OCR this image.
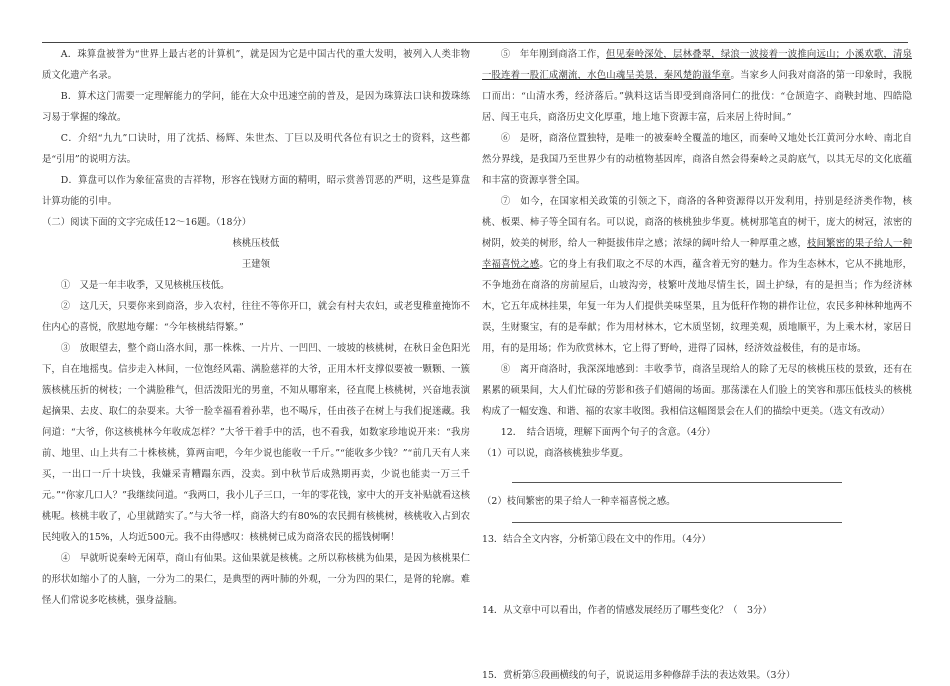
A．珠算盘被誉为“世界上最古老的计算机”，就是因为它是中国古代的重大发明，被列入人类非物质文化遗产名录。

B．算术这门需要一定理解能力的学问，能在大众中迅速空前的普及，是因为珠算法口诀和拨珠练习易于掌握的缘故。

C．介绍“九九”口诀时，用了沈括、杨辉、朱世杰、丁巨以及明代各位有识之士的资料，这些都是“引用”的说明方法。

D．算盘可以作为象征富贵的吉祥物，形容在钱财方面的精明，昭示赏善罚恶的严明，这些是算盘计算功能的引申。

（二）阅读下面的文字完成任12～16题。（18分）

核桃压枝低

王建领

①　又是一年丰收季，又见核桃压枝低。

②　这几天，只要你来到商洛，步入农村，往往不等你开口，就会有村夫农妇，或老叟稚童掩饰不住内心的喜悦，欣慰地夸耀：“今年核桃结得繁。”

③　放眼望去，整个商山洛水间，那一株株、一片片、一凹凹、一坡坡的核桃树，在秋日金色阳光下，自在地摇曳。信步走入林间，一位饱经风霜、满脸慈祥的大爷，正用木杆支撑似要被一颗颗、一簇簇核桃压折的树枝；一个满脸稚气，但活泼阳光的男童，不知从哪窜来，径直爬上核桃树，兴奋地表演起摘果、去皮、取仁的杂耍来。大爷一脸幸福看着孙辈，也不喝斥，任由孩子在树上与我们捉迷藏。我问道：“大爷，你这核桃林今年收成怎样？”大爷干着手中的活，也不看我，如数家珍地说开来：“我房前、地里、山上共有二十株核桃，算两亩吧，今年少说也能收一千斤。”“能收多少钱？”“前几天有人来买，一出口一斤十块钱，我嫌采青糟蹋东西，没卖。到中秋节后成熟期再卖，少说也能卖一万三千元。”“你家几口人？”我继续问道。“我两口，我小儿子三口，一年的零花钱，家中大的开支补贴就看这核桃呢。核桃丰收了，心里就踏实了。”与大爷一样，商洛大约有80%的农民拥有核桃树，核桃收入占到农民纯收入的15%，人均近500元。我不由得感叹：核桃树已成为商洛农民的摇钱树啊！

④　早就听说秦岭无闲草，商山有仙果。这仙果就是核桃。之所以称核桃为仙果，是因为核桃果仁的形状如缩小了的人脑，一分为二的果仁，是典型的两叶肺的外观，一分为四的果仁，是肾的轮廓。难怪人们常说多吃核桃，强身益脑。

⑤　年年刚到商洛工作，但见秦岭深处，层林叠翠，绿浪一波接着一波推向远山；小溪欢歌，清泉一股连着一股汇成潮流，水色山魂呈美景，秦风楚韵溢华章。当家乡人问我对商洛的第一印象时，我脱口而出：“山清水秀，经济落后。”孰料这话当即受到商洛同仁的批伐：“仓颉造字、商鞅封地、四皓隐居、闯王屯兵，商洛历史文化厚重，地上地下资源丰富，后来居上待时间。”

⑥　是呀，商洛位置独特，是唯一的被秦岭全覆盖的地区，而秦岭又地处长江黄河分水岭、南北自然分界线，是我国乃至世界少有的动植物基因库，商洛自然会得秦岭之灵韵底气，以其无尽的文化底蕴和丰富的资源享誉全国。

⑦　如今，在国家相关政策的引领之下，商洛的各种资源得以开发利用，持别是经济类作物，核桃、板栗、柿子等全国有名。可以说，商洛的核桃独步华夏。桃树那笔直的树干，庞大的树冠，浓密的树阴，姣美的树形，给人一种挺拔伟岸之感；浓绿的阔叶给人一种厚重之感，枝间繁密的果子给人一种幸福喜悦之感。它的身上有我们取之不尽的木西，蕴含着无穷的魅力。作为生态林木，它从不挑地形，不争地劲在商洛的房前屋后，山坡沟旁，枝繁叶茂地尽情生长，固土护绿，有的是担当；作为经济林木，它五年成林挂果，年复一年为人们提供美味坚果，且为低秆作物的耕作让位，农民多种林种地两不误，生财聚宝，有的是奉献；作为用材林木，它木质坚韧，纹理美观，质地顺平，为上乘木材，家居日用，有的是用场；作为欣赏林木，它上得了野岭，进得了园林，经济效益极佳，有的是市场。

⑧　离开商洛时，我深深地感到：丰收季节，商洛呈现给人的除了无尽的核桃压枝的景致，还有在累累的硕果间，大人们忙碌的劳影和孩子们嬉闹的场面。那荡漾在人们脸上的笑容和那压低枝头的核桃构成了一幅安逸、和谐、福的农家丰收图。我相信这幅图景会在人们的描绘中更美。（选文有改动）

12．　结合语境，理解下面两个句子的含意。（4分）

（1）可以说，商洛核桃独步华夏。

（2）枝间繁密的果子给人一种幸福喜悦之感。

13．结合全文内容，分析第①段在文中的作用。（4分）

14．从文章中可以看出，作者的情感发展经历了哪些变化？（　3分）

15．赏析第⑤段画横线的句子，说说运用多种修辞手法的表达效果。（3分）
